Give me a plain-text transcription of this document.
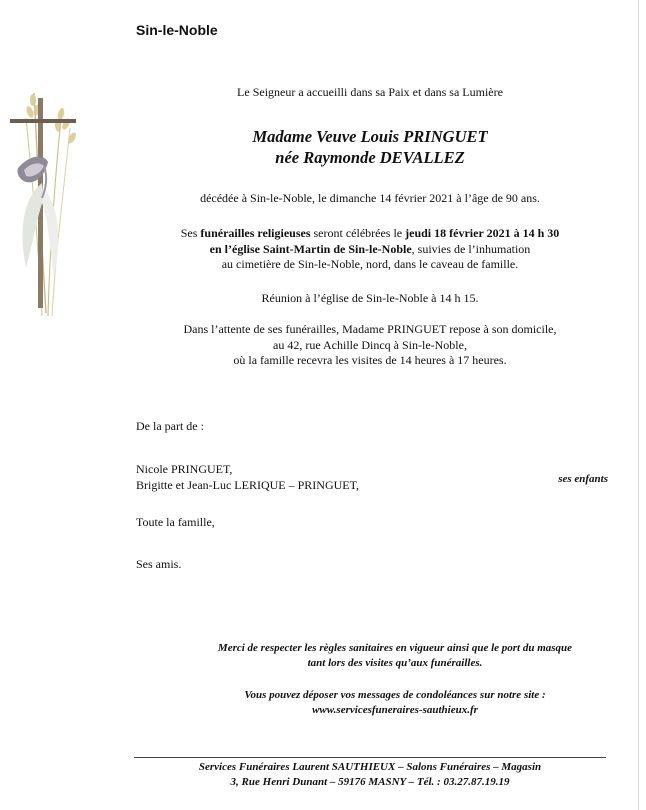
Sin-le-Noble
Le Seigneur a accueilli dans sa Paix et dans sa Lumière
Madame Veuve Louis PRINGUET
née Raymonde DEVALLEZ
décédée à Sin-le-Noble, le dimanche 14 février 2021 à l’âge de 90 ans.
Ses funérailles religieuses seront célébrées le jeudi 18 février 2021 à 14 h 30
en l’église Saint-Martin de Sin-le-Noble, suivies de l’inhumation
au cimetière de Sin-le-Noble, nord, dans le caveau de famille.
Réunion à l’église de Sin-le-Noble à 14 h 15.
Dans l’attente de ses funérailles, Madame PRINGUET repose à son domicile,
au 42, rue Achille Dincq à Sin-le-Noble,
où la famille recevra les visites de 14 heures à 17 heures.
De la part de :
Nicole PRINGUET,
Brigitte et Jean-Luc LERIQUE – PRINGUET,	ses enfants
Toute la famille,
Ses amis.
Merci de respecter les règles sanitaires en vigueur ainsi que le port du masque
tant lors des visites qu’aux funérailles.
Vous pouvez déposer vos messages de condoléances sur notre site :
www.servicesfuneraires-sauthieux.fr
Services Funéraires Laurent SAUTHIEUX – Salons Funéraires – Magasin
3, Rue Henri Dunant – 59176 MASNY – Tél. : 03.27.87.19.19
